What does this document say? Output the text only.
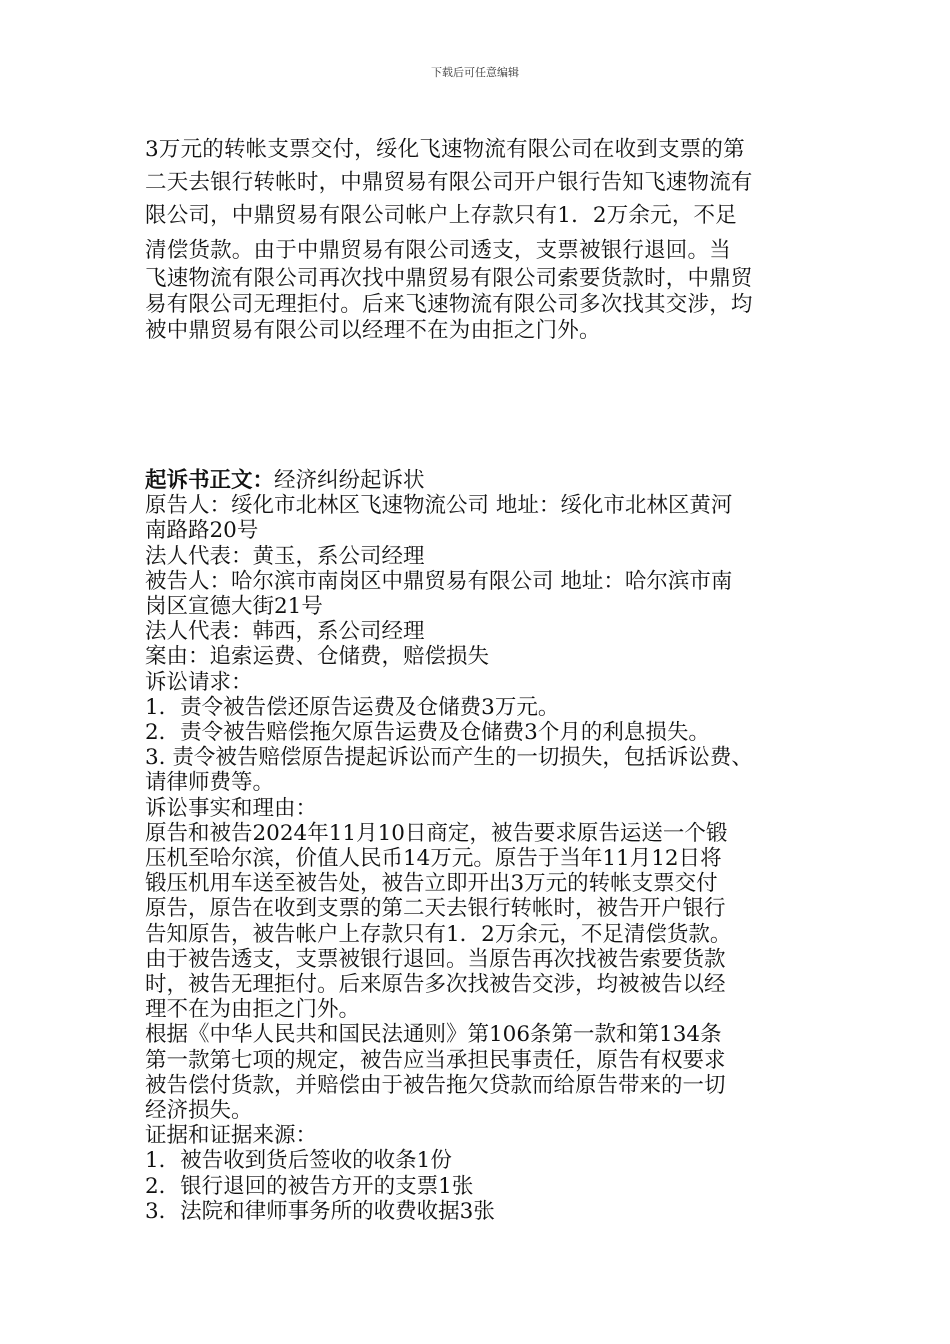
下载后可任意编辑

3万元的转帐支票交付，绥化飞速物流有限公司在收到支票的第

二天去银行转帐时，中鼎贸易有限公司开户银行告知飞速物流有

限公司，中鼎贸易有限公司帐户上存款只有1．2万余元，不足

清偿货款。由于中鼎贸易有限公司透支，支票被银行退回。当

飞速物流有限公司再次找中鼎贸易有限公司索要货款时，中鼎贸

易有限公司无理拒付。后来飞速物流有限公司多次找其交涉，均

被中鼎贸易有限公司以经理不在为由拒之门外。

起诉书正文：经济纠纷起诉状

原告人：绥化市北林区飞速物流公司 地址：绥化市北林区黄河

南路路20号

法人代表：黄玉，系公司经理

被告人：哈尔滨市南岗区中鼎贸易有限公司 地址：哈尔滨市南

岗区宣德大街21号

法人代表：韩西，系公司经理

案由：追索运费、仓储费，赔偿损失

诉讼请求：

1．责令被告偿还原告运费及仓储费3万元。

2．责令被告赔偿拖欠原告运费及仓储费3个月的利息损失。

3. 责令被告赔偿原告提起诉讼而产生的一切损失，包括诉讼费、

请律师费等。

诉讼事实和理由：

原告和被告2024年11月10日商定，被告要求原告运送一个锻

压机至哈尔滨，价值人民币14万元。原告于当年11月12日将

锻压机用车送至被告处，被告立即开出3万元的转帐支票交付

原告，原告在收到支票的第二天去银行转帐时，被告开户银行

告知原告，被告帐户上存款只有1．2万余元，不足清偿货款。

由于被告透支，支票被银行退回。当原告再次找被告索要货款

时，被告无理拒付。后来原告多次找被告交涉，均被被告以经

理不在为由拒之门外。

根据《中华人民共和国民法通则》第106条第一款和第134条

第一款第七项的规定，被告应当承担民事责任，原告有权要求

被告偿付货款，并赔偿由于被告拖欠贷款而给原告带来的一切

经济损失。

证据和证据来源：

1．被告收到货后签收的收条1份

2．银行退回的被告方开的支票1张

3．法院和律师事务所的收费收据3张
